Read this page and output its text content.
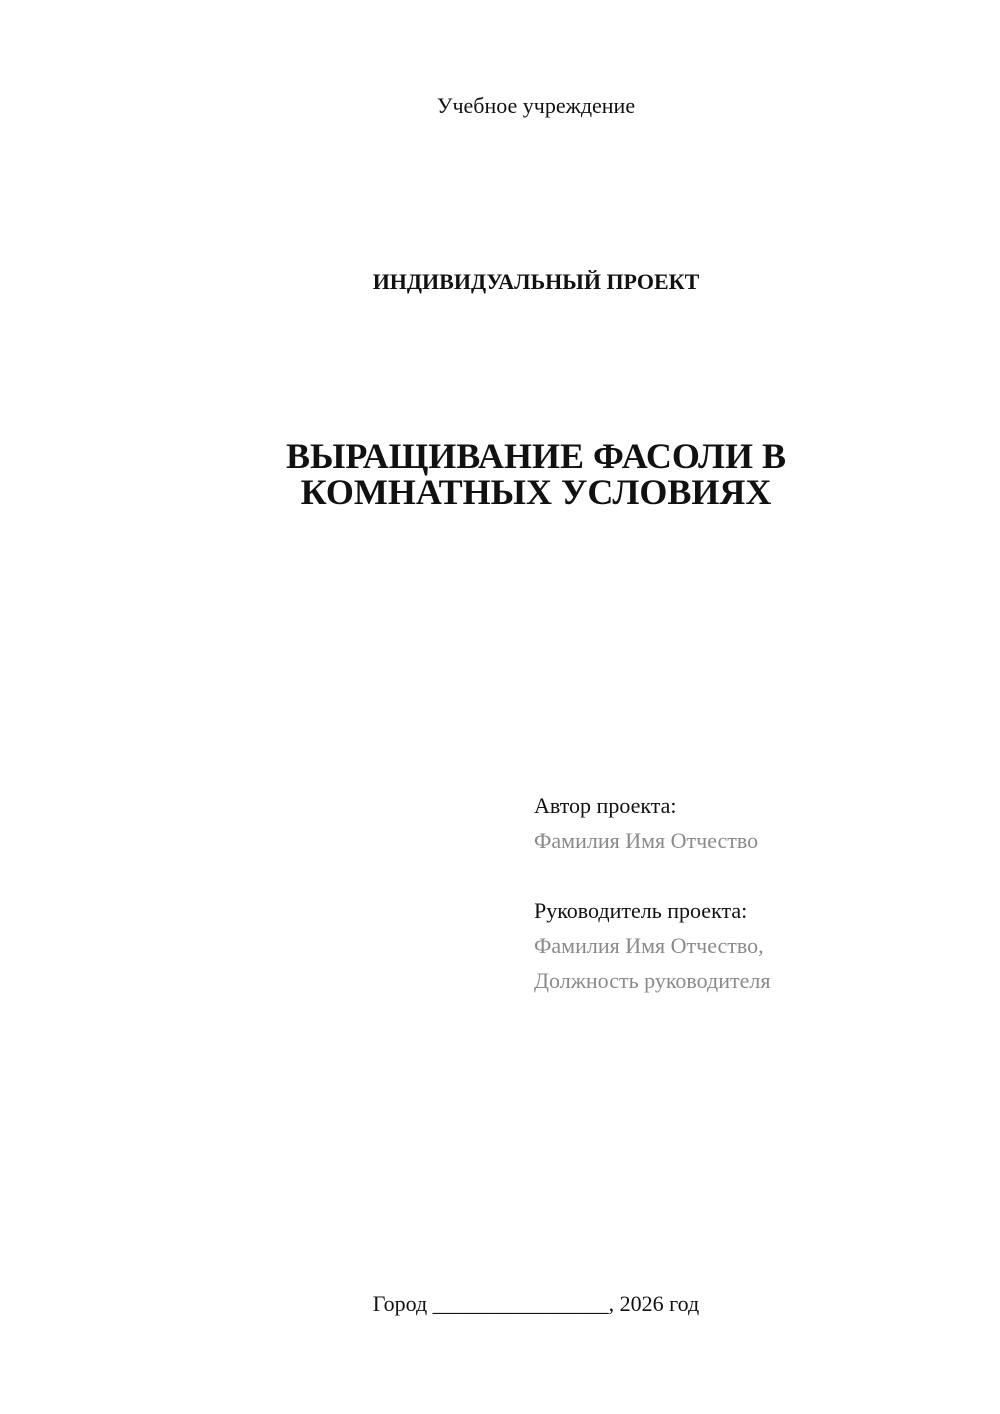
Учебное учреждение
ИНДИВИДУАЛЬНЫЙ ПРОЕКТ
ВЫРАЩИВАНИЕ ФАСОЛИ В
КОМНАТНЫХ УСЛОВИЯХ
Автор проекта:
Фамилия Имя Отчество
Руководитель проекта:
Фамилия Имя Отчество,
Должность руководителя
Город ________________, 2026 год
